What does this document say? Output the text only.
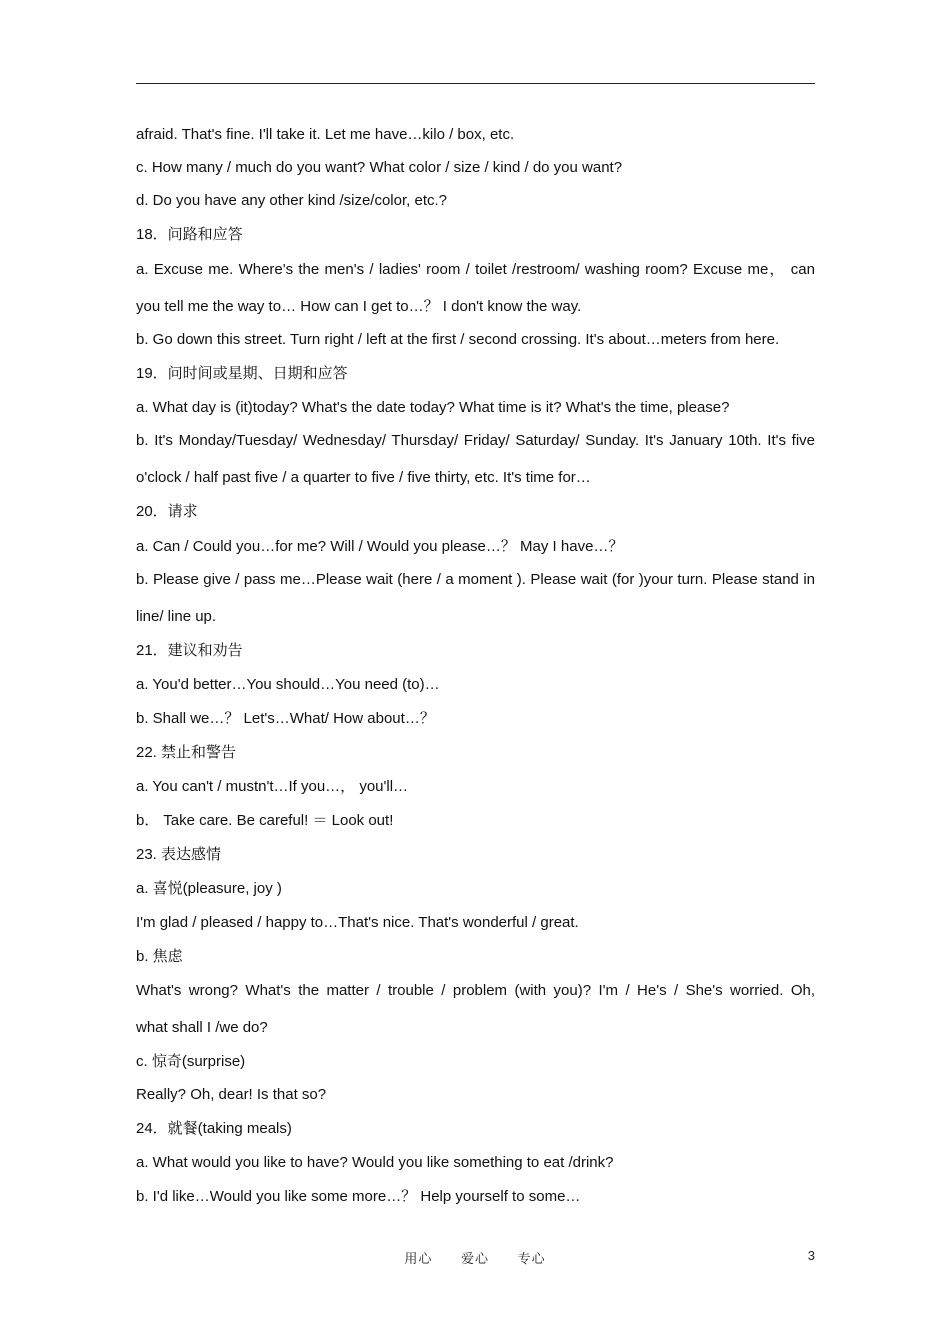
afraid. That's fine. I'll take it. Let me have…kilo / box, etc.
c. How many / much do you want? What color / size / kind / do you want?
d. Do you have any other kind /size/color, etc.?
18．问路和应答
a. Excuse me. Where's the men's / ladies' room / toilet /restroom/ washing room? Excuse me， can
you tell me the way to… How can I get to…？ I don't know the way.
b. Go down this street. Turn right / left at the first / second crossing. It's about…meters from here.
19．问时间或星期、日期和应答
a. What day is (it)today? What's the date today? What time is it? What's the time, please?
b. It's Monday/Tuesday/ Wednesday/ Thursday/ Friday/ Saturday/ Sunday. It's January 10th. It's five
o'clock / half past five / a quarter to five / five thirty, etc. It's time for…
20．请求
a. Can / Could you…for me? Will / Would you please…？ May I have…？
b. Please give / pass me…Please wait (here / a moment ). Please wait (for )your turn. Please stand in
line/ line up.
21．建议和劝告
a. You'd better…You should…You need (to)…
b. Shall we…？ Let's…What/ How about…？
22. 禁止和警告
a. You can't / mustn't…If you…， you'll…
b． Take care. Be careful! ＝ Look out!
23. 表达感情
a. 喜悦(pleasure, joy )
I'm glad / pleased / happy to…That's nice. That's wonderful / great.
b. 焦虑
What's wrong? What's the matter / trouble / problem (with you)? I'm / He's / She's worried. Oh,
what shall I /we do?
c. 惊奇(surprise)
Really? Oh, dear! Is that so?
24．就餐(taking meals)
a. What would you like to have? Would you like something to eat /drink?
b. I'd like…Would you like some more…？ Help yourself to some…
用心 爱心 专心	3
